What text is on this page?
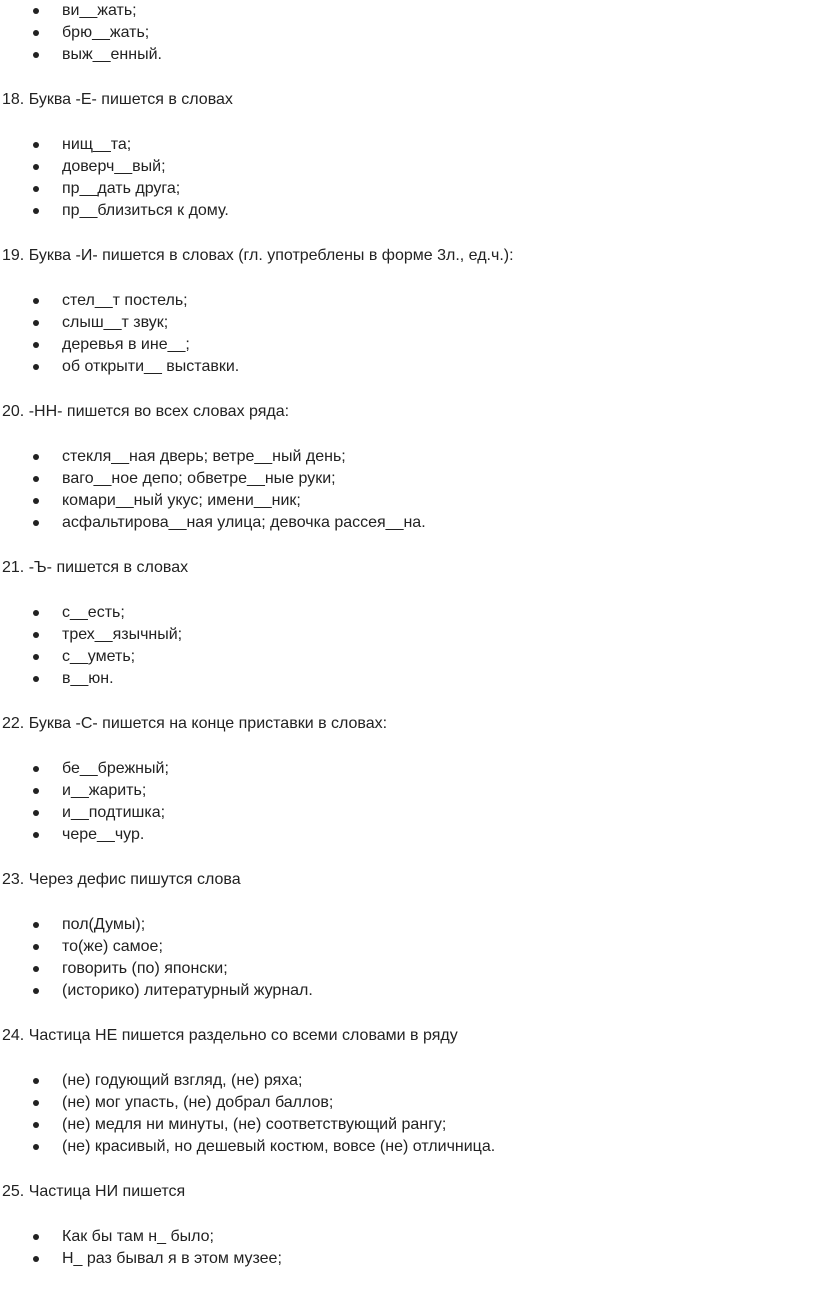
ви__жать;
брю__жать;
выж__енный.
18. Буква -Е- пишется в словах
нищ__та;
доверч__вый;
пр__дать друга;
пр__близиться к дому.
19. Буква -И- пишется в словах (гл. употреблены в форме 3л., ед.ч.):
стел__т постель;
слыш__т звук;
деревья в ине__;
об открыти__ выставки.
20. -НН- пишется во всех словах ряда:
стекля__ная дверь; ветре__ный день;
ваго__ное депо; обветре__ные руки;
комари__ный укус; имени__ник;
асфальтирова__ная улица; девочка рассея__на.
21. -Ъ- пишется в словах
с__есть;
трех__язычный;
с__уметь;
в__юн.
22. Буква -С- пишется на конце приставки в словах:
бе__брежный;
и__жарить;
и__подтишка;
чере__чур.
23. Через дефис пишутся слова
пол(Думы);
то(же) самое;
говорить (по) японски;
(историко) литературный журнал.
24. Частица НЕ пишется раздельно со всеми словами в ряду
(не) годующий взгляд, (не) ряха;
(не) мог упасть, (не) добрал баллов;
(не) медля ни минуты, (не) соответствующий рангу;
(не) красивый, но дешевый костюм, вовсе (не) отличница.
25. Частица НИ пишется
Как бы там н_ было;
Н_ раз бывал я в этом музее;
